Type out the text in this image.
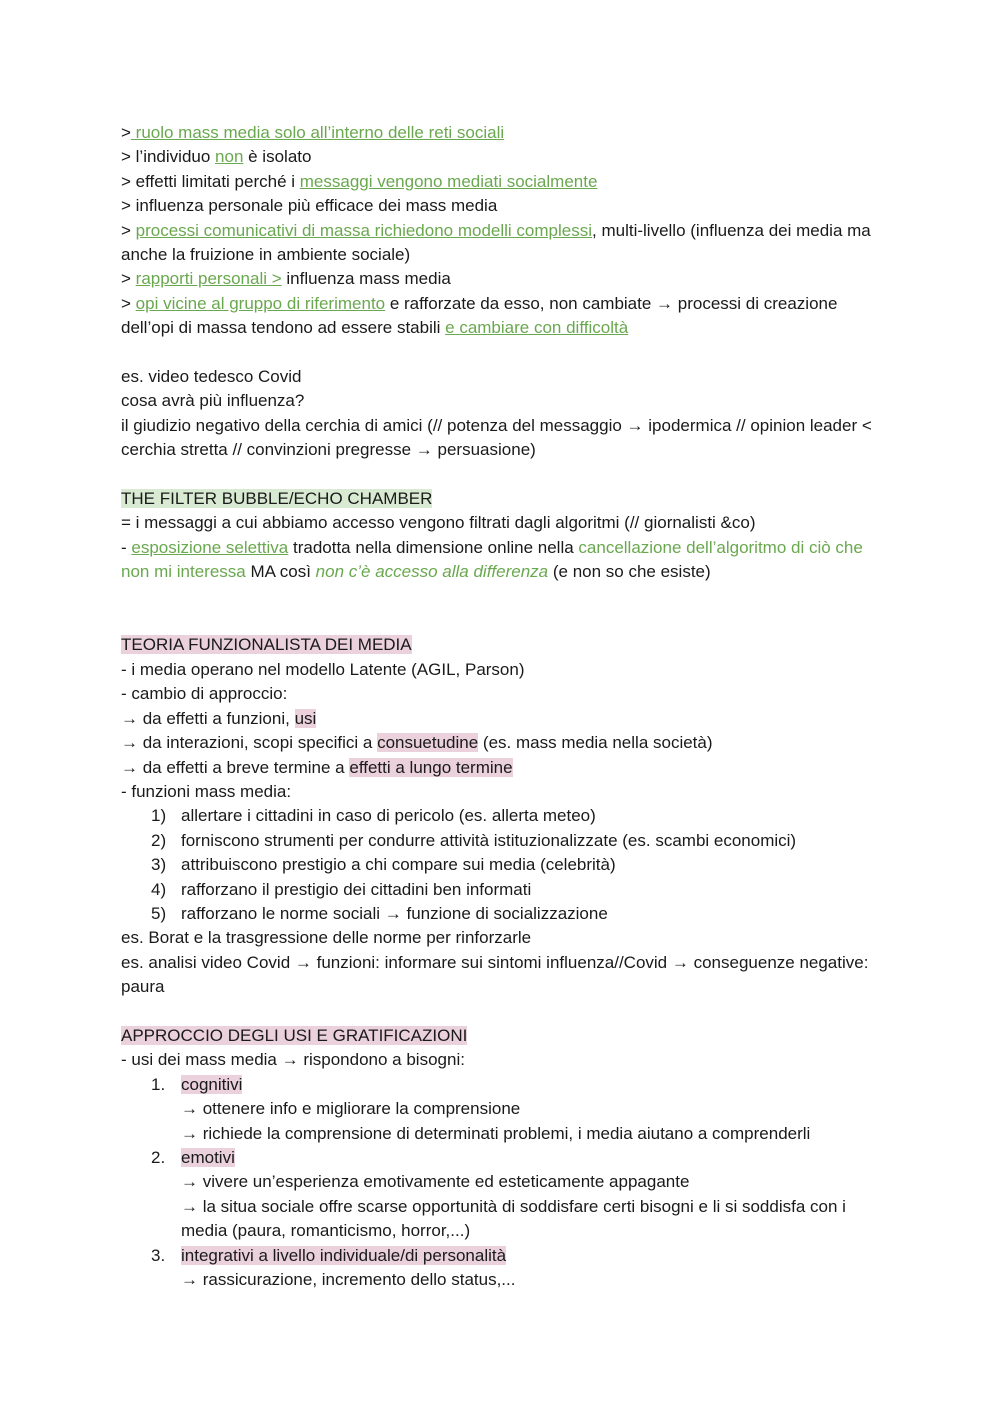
> ruolo mass media solo all’interno delle reti sociali
> l’individuo non è isolato
> effetti limitati perché i messaggi vengono mediati socialmente
> influenza personale più efficace dei mass media
> processi comunicativi di massa richiedono modelli complessi, multi-livello (influenza dei media ma anche la fruizione in ambiente sociale)
> rapporti personali > influenza mass media
> opi vicine al gruppo di riferimento e rafforzate da esso, non cambiate → processi di creazione dell’opi di massa tendono ad essere stabili e cambiare con difficoltà
es. video tedesco Covid
cosa avrà più influenza?
il giudizio negativo della cerchia di amici (// potenza del messaggio → ipodermica // opinion leader < cerchia stretta // convinzioni pregresse → persuasione)
THE FILTER BUBBLE/ECHO CHAMBER
= i messaggi a cui abbiamo accesso vengono filtrati dagli algoritmi (// giornalisti &co)
- esposizione selettiva tradotta nella dimensione online nella cancellazione dell’algoritmo di ciò che non mi interessa MA così non c’è accesso alla differenza (e non so che esiste)
TEORIA FUNZIONALISTA DEI MEDIA
- i media operano nel modello Latente (AGIL, Parson)
- cambio di approccio:
→ da effetti a funzioni, usi
→ da interazioni, scopi specifici a consuetudine (es. mass media nella società)
→ da effetti a breve termine a effetti a lungo termine
- funzioni mass media:
1) allertare i cittadini in caso di pericolo (es. allerta meteo)
2) forniscono strumenti per condurre attività istituzionalizzate (es. scambi economici)
3) attribuiscono prestigio a chi compare sui media (celebrità)
4) rafforzano il prestigio dei cittadini ben informati
5) rafforzano le norme sociali → funzione di socializzazione
es. Borat e la trasgressione delle norme per rinforzarle
es. analisi video Covid → funzioni: informare sui sintomi influenza//Covid → conseguenze negative: paura
APPROCCIO DEGLI USI E GRATIFICAZIONI
- usi dei mass media → rispondono a bisogni:
1. cognitivi
→ ottenere info e migliorare la comprensione
→ richiede la comprensione di determinati problemi, i media aiutano a comprenderli
2. emotivi
→ vivere un’esperienza emotivamente ed esteticamente appagante
→ la situa sociale offre scarse opportunità di soddisfare certi bisogni e li si soddisfa con i media (paura, romanticismo, horror,...)
3. integrativi a livello individuale/di personalità
→ rassicurazione, incremento dello status,...
